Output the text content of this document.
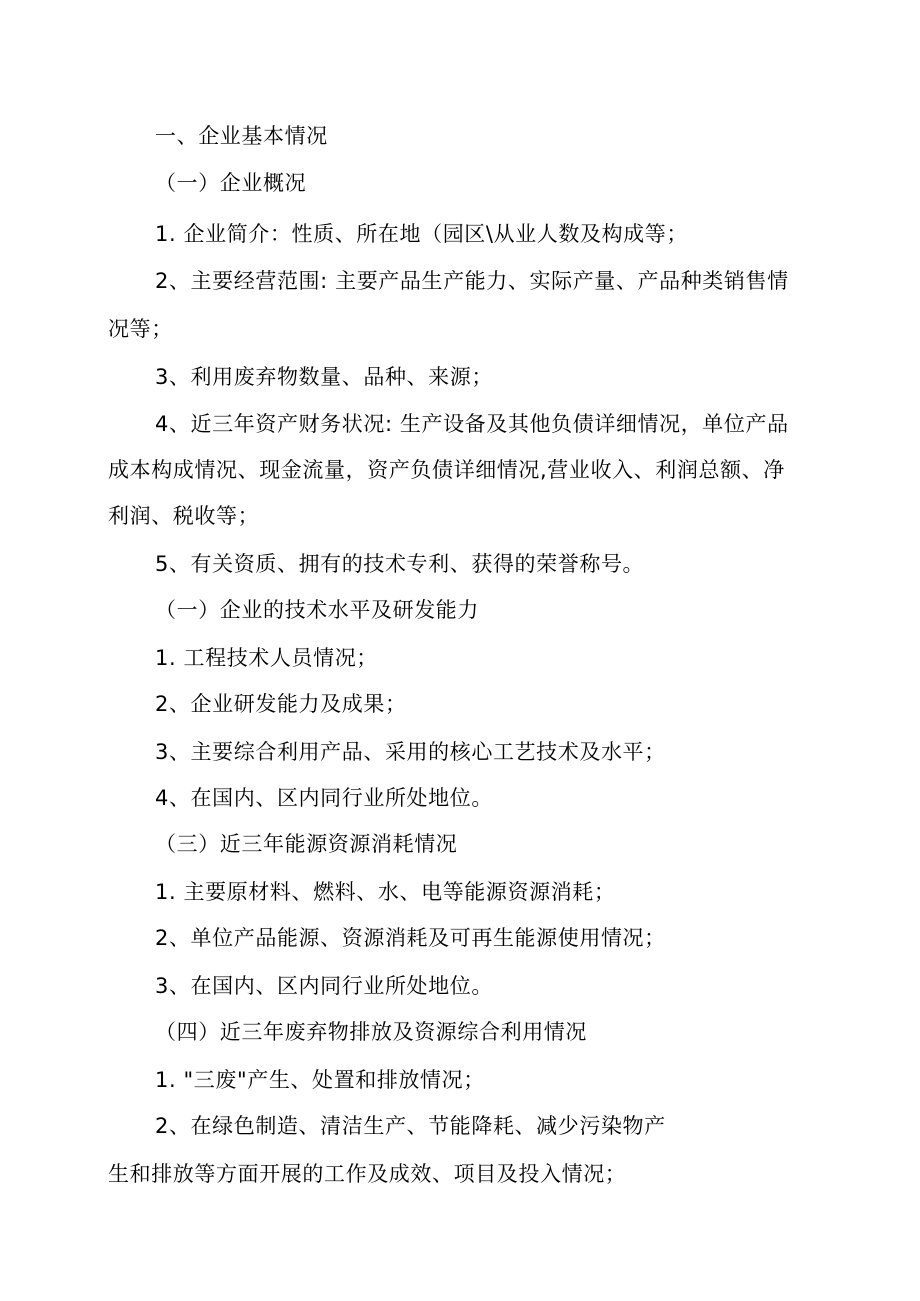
一、企业基本情况
（一）企业概况
1. 企业简介：性质、所在地（园区\从业人数及构成等；
2、主要经营范围: 主要产品生产能力、实际产量、产品种类销售情
况等；
3、利用废弃物数量、品种、来源；
4、近三年资产财务状况: 生产设备及其他负债详细情况，单位产品
成本构成情况、现金流量，资产负债详细情况,营业收入、利润总额、净
利润、税收等；
5、有关资质、拥有的技术专利、获得的荣誉称号。
（一）企业的技术水平及研发能力
1. 工程技术人员情况；
2、企业研发能力及成果；
3、主要综合利用产品、采用的核心工艺技术及水平；
4、在国内、区内同行业所处地位。
（三）近三年能源资源消耗情况
1. 主要原材料、燃料、水、电等能源资源消耗；
2、单位产品能源、资源消耗及可再生能源使用情况；
3、在国内、区内同行业所处地位。
（四）近三年废弃物排放及资源综合利用情况
1. "三废"产生、处置和排放情况；
2、在绿色制造、清洁生产、节能降耗、减少污染物产
生和排放等方面开展的工作及成效、项目及投入情况；
